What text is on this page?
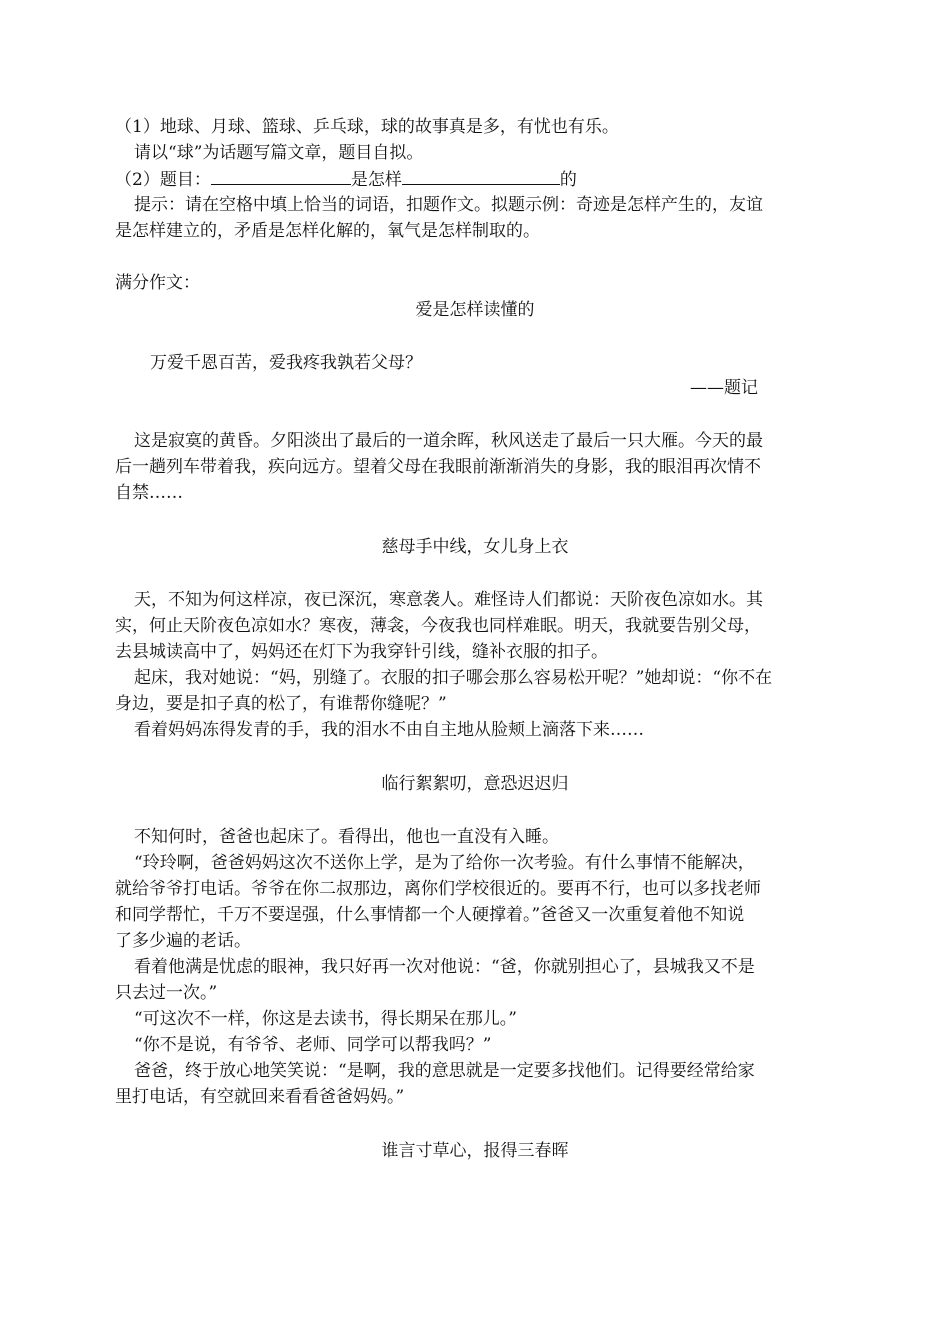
（1）地球、月球、篮球、乒乓球，球的故事真是多，有忧也有乐。
请以“球”为话题写篇文章，题目自拟。
（2）题目：	是怎样	的
提示：请在空格中填上恰当的词语，扣题作文。拟题示例：奇迹是怎样产生的，友谊
是怎样建立的，矛盾是怎样化解的，氧气是怎样制取的。
满分作文：
爱是怎样读懂的
万爱千恩百苦，爱我疼我孰若父母？
——题记
这是寂寞的黄昏。夕阳淡出了最后的一道余晖，秋风送走了最后一只大雁。今天的最
后一趟列车带着我，疾向远方。望着父母在我眼前渐渐消失的身影，我的眼泪再次情不
自禁……
慈母手中线，女儿身上衣
天，不知为何这样凉，夜已深沉，寒意袭人。难怪诗人们都说：天阶夜色凉如水。其
实，何止天阶夜色凉如水？寒夜，薄衾，今夜我也同样难眠。明天，我就要告别父母，
去县城读高中了，妈妈还在灯下为我穿针引线，缝补衣服的扣子。
起床，我对她说：“妈，别缝了。衣服的扣子哪会那么容易松开呢？”她却说：“你不在
身边，要是扣子真的松了，有谁帮你缝呢？”
看着妈妈冻得发青的手，我的泪水不由自主地从脸颊上滴落下来……
临行絮絮叨，意恐迟迟归
不知何时，爸爸也起床了。看得出，他也一直没有入睡。
“玲玲啊，爸爸妈妈这次不送你上学，是为了给你一次考验。有什么事情不能解决，
就给爷爷打电话。爷爷在你二叔那边，离你们学校很近的。要再不行，也可以多找老师
和同学帮忙，千万不要逞强，什么事情都一个人硬撑着。”爸爸又一次重复着他不知说
了多少遍的老话。
看着他满是忧虑的眼神，我只好再一次对他说：“爸，你就别担心了，县城我又不是
只去过一次。”
“可这次不一样，你这是去读书，得长期呆在那儿。”
“你不是说，有爷爷、老师、同学可以帮我吗？”
爸爸，终于放心地笑笑说：“是啊，我的意思就是一定要多找他们。记得要经常给家
里打电话，有空就回来看看爸爸妈妈。”
谁言寸草心，报得三春晖
